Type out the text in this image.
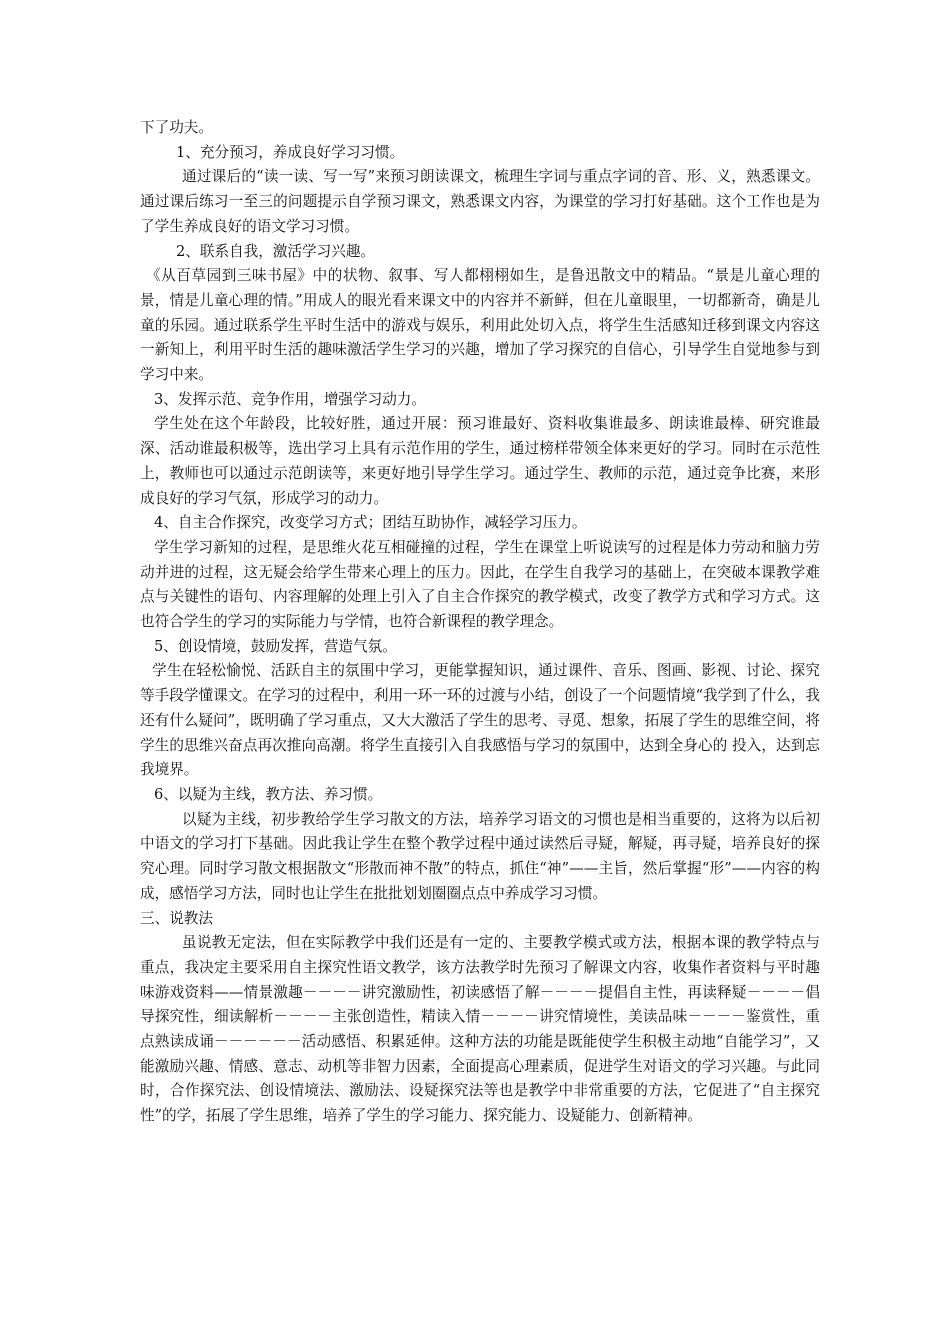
下了功夫。

1、充分预习，养成良好学习习惯。

通过课后的“读一读、写一写”来预习朗读课文，梳理生字词与重点字词的音、形、义，熟悉课文。通过课后练习一至三的问题提示自学预习课文，熟悉课文内容，为课堂的学习打好基础。这个工作也是为了学生养成良好的语文学习习惯。

2、联系自我，激活学习兴趣。

《从百草园到三味书屋》中的状物、叙事、写人都栩栩如生，是鲁迅散文中的精品。“景是儿童心理的景，情是儿童心理的情。”用成人的眼光看来课文中的内容并不新鲜，但在儿童眼里，一切都新奇，确是儿童的乐园。通过联系学生平时生活中的游戏与娱乐，利用此处切入点，将学生生活感知迁移到课文内容这一新知上，利用平时生活的趣味激活学生学习的兴趣，增加了学习探究的自信心，引导学生自觉地参与到学习中来。

3、发挥示范、竞争作用，增强学习动力。

学生处在这个年龄段，比较好胜，通过开展：预习谁最好、资料收集谁最多、朗读谁最棒、研究谁最深、活动谁最积极等，选出学习上具有示范作用的学生，通过榜样带领全体来更好的学习。同时在示范性上，教师也可以通过示范朗读等，来更好地引导学生学习。通过学生、教师的示范，通过竞争比赛，来形成良好的学习气氛，形成学习的动力。

4、自主合作探究，改变学习方式；团结互助协作，减轻学习压力。

学生学习新知的过程，是思维火花互相碰撞的过程，学生在课堂上听说读写的过程是体力劳动和脑力劳动并进的过程，这无疑会给学生带来心理上的压力。因此，在学生自我学习的基础上，在突破本课教学难点与关键性的语句、内容理解的处理上引入了自主合作探究的教学模式，改变了教学方式和学习方式。这也符合学生的学习的实际能力与学情，也符合新课程的教学理念。

5、创设情境，鼓励发挥，营造气氛。

学生在轻松愉悦、活跃自主的氛围中学习，更能掌握知识，通过课件、音乐、图画、影视、讨论、探究等手段学懂课文。在学习的过程中，利用一环一环的过渡与小结，创设了一个问题情境“我学到了什么，我还有什么疑问”，既明确了学习重点，又大大激活了学生的思考、寻觅、想象，拓展了学生的思维空间，将学生的思维兴奋点再次推向高潮。将学生直接引入自我感悟与学习的氛围中，达到全身心的 投入，达到忘我境界。

6、以疑为主线，教方法、养习惯。

以疑为主线，初步教给学生学习散文的方法，培养学习语文的习惯也是相当重要的，这将为以后初中语文的学习打下基础。因此我让学生在整个教学过程中通过读然后寻疑，解疑，再寻疑，培养良好的探究心理。同时学习散文根据散文“形散而神不散”的特点，抓住“神”——主旨，然后掌握“形”——内容的构成，感悟学习方法，同时也让学生在批批划划圈圈点点中养成学习习惯。

三、说教法

虽说教无定法，但在实际教学中我们还是有一定的、主要教学模式或方法，根据本课的教学特点与重点，我决定主要采用自主探究性语文教学，该方法教学时先预习了解课文内容，收集作者资料与平时趣味游戏资料——情景激趣－－－－讲究激励性，初读感悟了解－－－－提倡自主性，再读释疑－－－－倡导探究性，细读解析－－－－主张创造性，精读入情－－－－讲究情境性，美读品味－－－－鉴赏性，重点熟读成诵－－－－－－活动感悟、积累延伸。这种方法的功能是既能使学生积极主动地“自能学习”，又能激励兴趣、情感、意志、动机等非智力因素，全面提高心理素质，促进学生对语文的学习兴趣。与此同时，合作探究法、创设情境法、激励法、设疑探究法等也是教学中非常重要的方法，它促进了“自主探究性”的学，拓展了学生思维，培养了学生的学习能力、探究能力、设疑能力、创新精神。
